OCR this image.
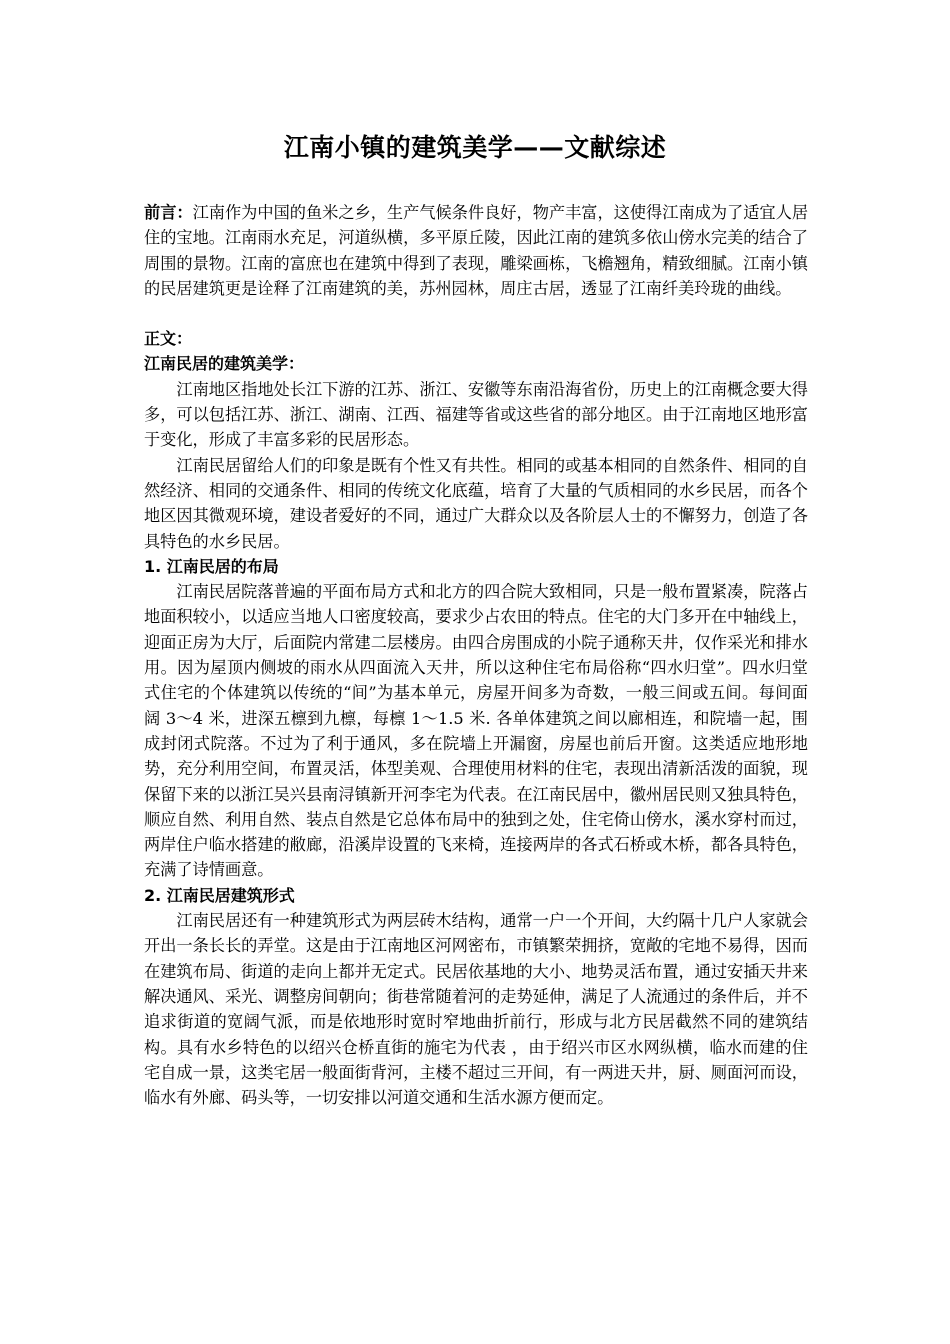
江南小镇的建筑美学——文献综述

前言：江南作为中国的鱼米之乡，生产气候条件良好，物产丰富，这使得江南成为了适宜人居住的宝地。江南雨水充足，河道纵横，多平原丘陵，因此江南的建筑多依山傍水完美的结合了周围的景物。江南的富庶也在建筑中得到了表现，雕梁画栋，飞檐翘角，精致细腻。江南小镇的民居建筑更是诠释了江南建筑的美，苏州园林，周庄古居，透显了江南纤美玲珑的曲线。

正文：

江南民居的建筑美学：

江南地区指地处长江下游的江苏、浙江、安徽等东南沿海省份，历史上的江南概念要大得多，可以包括江苏、浙江、湖南、江西、福建等省或这些省的部分地区。由于江南地区地形富于变化，形成了丰富多彩的民居形态。

江南民居留给人们的印象是既有个性又有共性。相同的或基本相同的自然条件、相同的自然经济、相同的交通条件、相同的传统文化底蕴，培育了大量的气质相同的水乡民居，而各个地区因其微观环境，建设者爱好的不同，通过广大群众以及各阶层人士的不懈努力，创造了各具特色的水乡民居。

1. 江南民居的布局

江南民居院落普遍的平面布局方式和北方的四合院大致相同，只是一般布置紧凑，院落占地面积较小，以适应当地人口密度较高，要求少占农田的特点。住宅的大门多开在中轴线上，迎面正房为大厅，后面院内常建二层楼房。由四合房围成的小院子通称天井，仅作采光和排水用。因为屋顶内侧坡的雨水从四面流入天井，所以这种住宅布局俗称“四水归堂”。四水归堂式住宅的个体建筑以传统的“间”为基本单元，房屋开间多为奇数，一般三间或五间。每间面阔 3～4 米，进深五檩到九檩，每檩 1～1.5 米. 各单体建筑之间以廊相连，和院墙一起，围成封闭式院落。不过为了利于通风，多在院墙上开漏窗，房屋也前后开窗。这类适应地形地势，充分利用空间，布置灵活，体型美观、合理使用材料的住宅，表现出清新活泼的面貌，现保留下来的以浙江吴兴县南浔镇新开河李宅为代表。在江南民居中，徽州居民则又独具特色，顺应自然、利用自然、装点自然是它总体布局中的独到之处，住宅倚山傍水，溪水穿村而过，两岸住户临水搭建的敝廊，沿溪岸设置的飞来椅，连接两岸的各式石桥或木桥，都各具特色，充满了诗情画意。

2. 江南民居建筑形式

江南民居还有一种建筑形式为两层砖木结构，通常一户一个开间，大约隔十几户人家就会开出一条长长的弄堂。这是由于江南地区河网密布，市镇繁荣拥挤，宽敞的宅地不易得，因而在建筑布局、街道的走向上都并无定式。民居依基地的大小、地势灵活布置，通过安插天井来解决通风、采光、调整房间朝向；街巷常随着河的走势延伸，满足了人流通过的条件后，并不追求街道的宽阔气派，而是依地形时宽时窄地曲折前行，形成与北方民居截然不同的建筑结构。具有水乡特色的以绍兴仓桥直街的施宅为代表 ，由于绍兴市区水网纵横，临水而建的住宅自成一景，这类宅居一般面街背河，主楼不超过三开间，有一两进天井，厨、厕面河而设，临水有外廊、码头等，一切安排以河道交通和生活水源方便而定。
